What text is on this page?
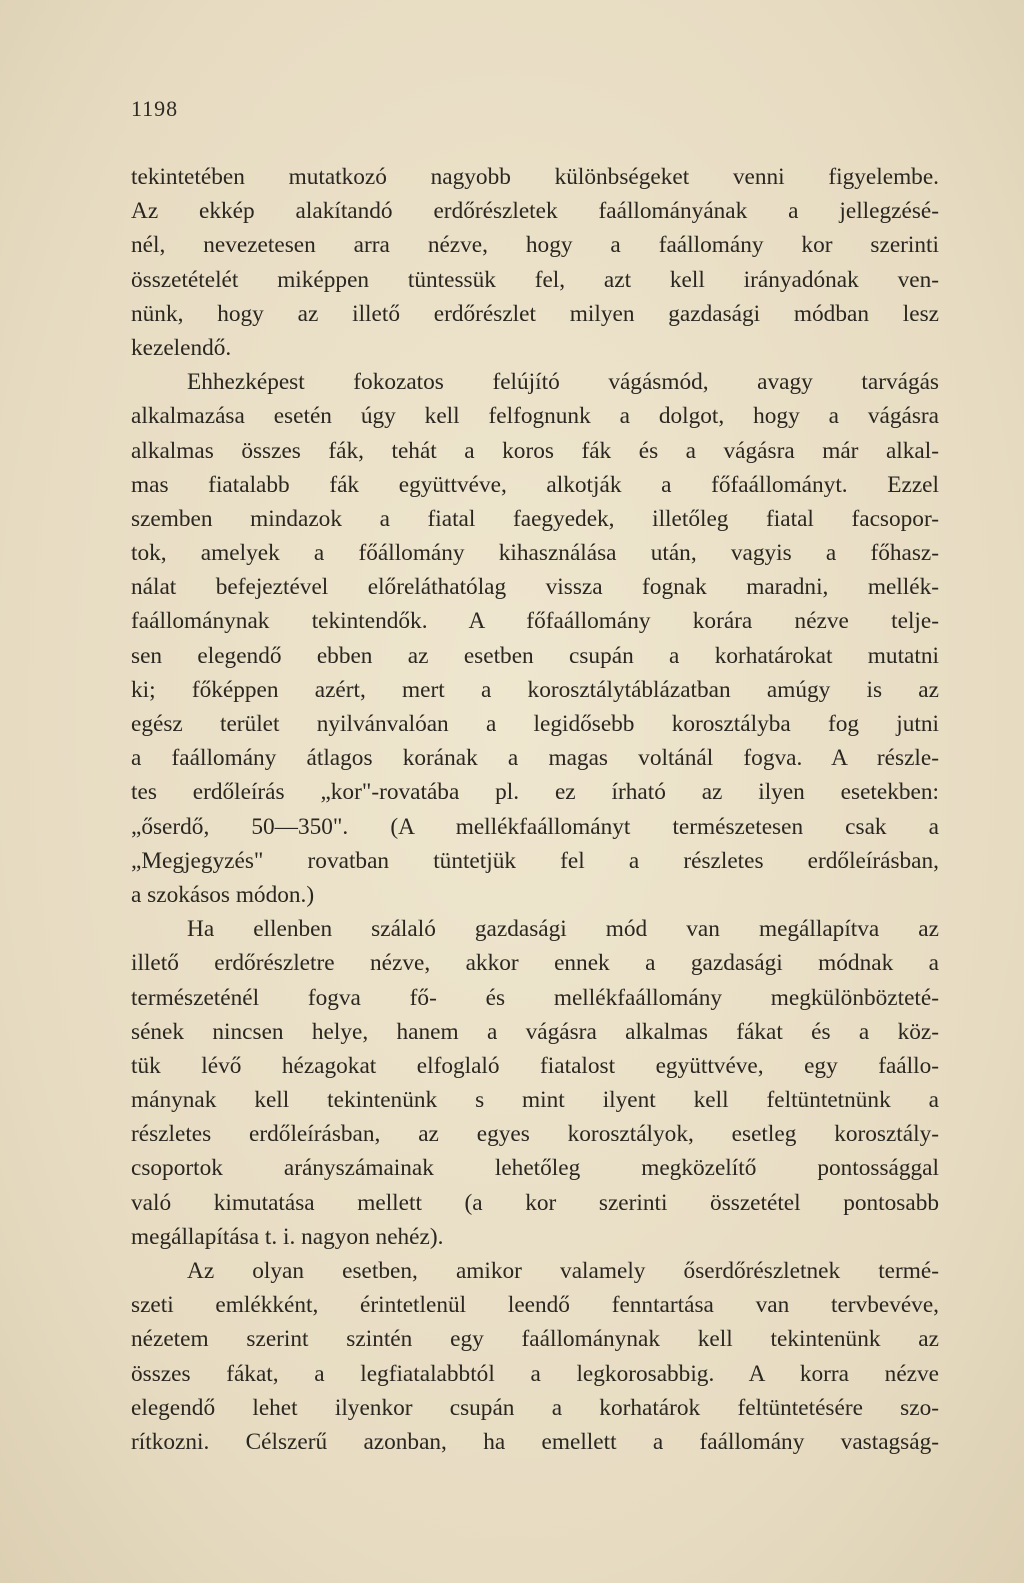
1198
tekintetében mutatkozó nagyobb különbségeket venni figyelembe.
Az ekkép alakítandó erdőrészletek faállományának a jellegzésé-
nél, nevezetesen arra nézve, hogy a faállomány kor szerinti
összetételét miképpen tüntessük fel, azt kell irányadónak ven-
nünk, hogy az illető erdőrészlet milyen gazdasági módban lesz
kezelendő.
Ehhezképest fokozatos felújító vágásmód, avagy tarvágás
alkalmazása esetén úgy kell felfognunk a dolgot, hogy a vágásra
alkalmas összes fák, tehát a koros fák és a vágásra már alkal-
mas fiatalabb fák együttvéve, alkotják a főfaállományt. Ezzel
szemben mindazok a fiatal faegyedek, illetőleg fiatal facsopor-
tok, amelyek a főállomány kihasználása után, vagyis a főhasz-
nálat befejeztével előreláthatólag vissza fognak maradni, mellék-
faállománynak tekintendők. A főfaállomány korára nézve telje-
sen elegendő ebben az esetben csupán a korhatárokat mutatni
ki; főképpen azért, mert a korosztálytáblázatban amúgy is az
egész terület nyilvánvalóan a legidősebb korosztályba fog jutni
a faállomány átlagos korának a magas voltánál fogva. A részle-
tes erdőleírás „kor"-rovatába pl. ez írható az ilyen esetekben:
„őserdő, 50—350". (A mellékfaállományt természetesen csak a
„Megjegyzés" rovatban tüntetjük fel a részletes erdőleírásban,
a szokásos módon.)
Ha ellenben szálaló gazdasági mód van megállapítva az
illető erdőrészletre nézve, akkor ennek a gazdasági módnak a
természeténél fogva fő- és mellékfaállomány megkülönbözteté-
sének nincsen helye, hanem a vágásra alkalmas fákat és a köz-
tük lévő hézagokat elfoglaló fiatalost együttvéve, egy faállo-
mánynak kell tekintenünk s mint ilyent kell feltüntetnünk a
részletes erdőleírásban, az egyes korosztályok, esetleg korosztály-
csoportok arányszámainak lehetőleg megközelítő pontossággal
való kimutatása mellett (a kor szerinti összetétel pontosabb
megállapítása t. i. nagyon nehéz).
Az olyan esetben, amikor valamely őserdőrészletnek termé-
szeti emlékként, érintetlenül leendő fenntartása van tervbevéve,
nézetem szerint szintén egy faállománynak kell tekintenünk az
összes fákat, a legfiatalabbtól a legkorosabbig. A korra nézve
elegendő lehet ilyenkor csupán a korhatárok feltüntetésére szo-
rítkozni. Célszerű azonban, ha emellett a faállomány vastagság-
